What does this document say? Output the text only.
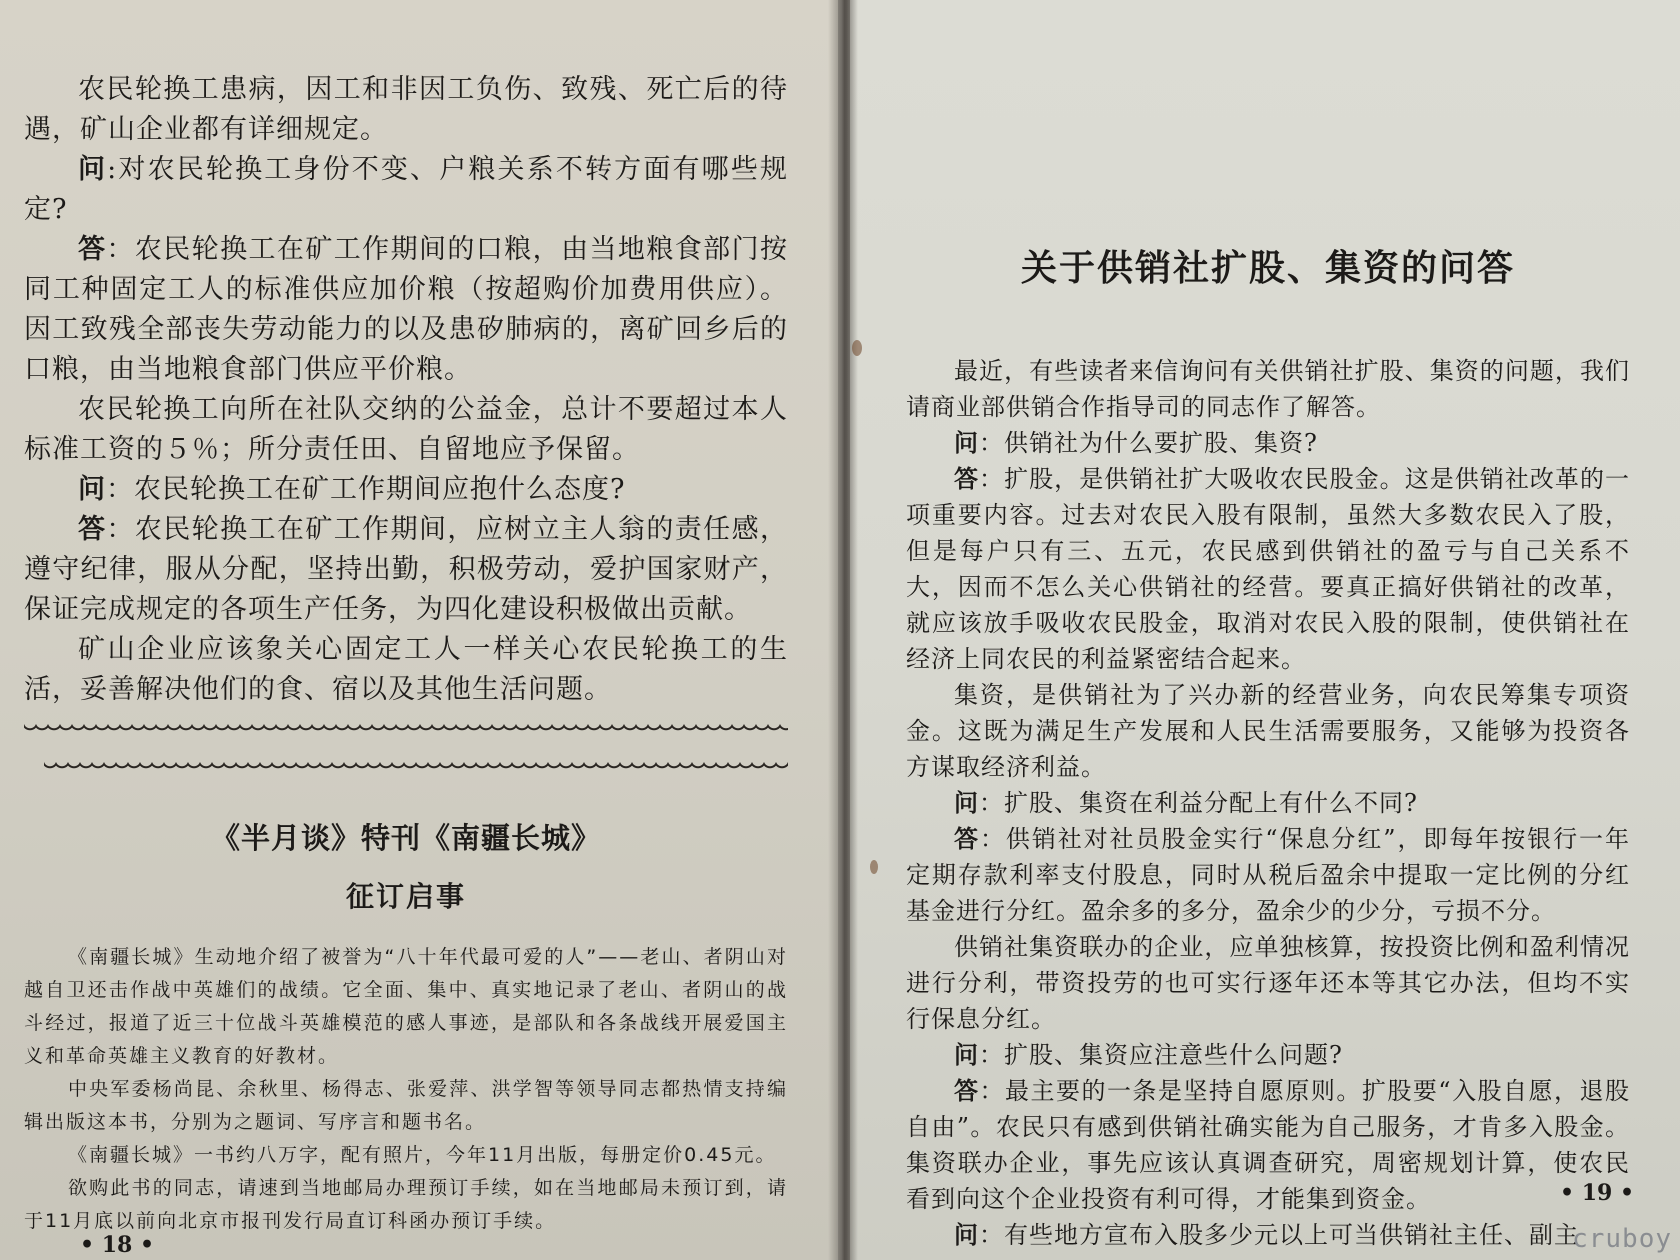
农民轮换工患病，因工和非因工负伤、致残、死亡后的待遇，矿山企业都有详细规定。

问:对农民轮换工身份不变、户粮关系不转方面有哪些规定?

答：农民轮换工在矿工作期间的口粮，由当地粮食部门按同工种固定工人的标准供应加价粮（按超购价加费用供应）。因工致残全部丧失劳动能力的以及患矽肺病的，离矿回乡后的口粮，由当地粮食部门供应平价粮。

农民轮换工向所在社队交纳的公益金，总计不要超过本人标准工资的５％；所分责任田、自留地应予保留。

问：农民轮换工在矿工作期间应抱什么态度?

答：农民轮换工在矿工作期间，应树立主人翁的责任感，遵守纪律，服从分配，坚持出勤，积极劳动，爱护国家财产，保证完成规定的各项生产任务，为四化建设积极做出贡献。

矿山企业应该象关心固定工人一样关心农民轮换工的生活，妥善解决他们的食、宿以及其他生活问题。

《半月谈》特刊《南疆长城》
征订启事

《南疆长城》生动地介绍了被誉为“八十年代最可爱的人”——老山、者阴山对越自卫还击作战中英雄们的战绩。它全面、集中、真实地记录了老山、者阴山的战斗经过，报道了近三十位战斗英雄模范的感人事迹，是部队和各条战线开展爱国主义和革命英雄主义教育的好教材。

中央军委杨尚昆、余秋里、杨得志、张爱萍、洪学智等领导同志都热情支持编辑出版这本书，分别为之题词、写序言和题书名。

《南疆长城》一书约八万字，配有照片，今年11月出版，每册定价0.45元。

欲购此书的同志，请速到当地邮局办理预订手续，如在当地邮局未预订到，请于11月底以前向北京市报刊发行局直订科函办预订手续。

关于供销社扩股、集资的问答

最近，有些读者来信询问有关供销社扩股、集资的问题，我们请商业部供销合作指导司的同志作了解答。

问：供销社为什么要扩股、集资?

答：扩股，是供销社扩大吸收农民股金。这是供销社改革的一项重要内容。过去对农民入股有限制，虽然大多数农民入了股，但是每户只有三、五元，农民感到供销社的盈亏与自己关系不大，因而不怎么关心供销社的经营。要真正搞好供销社的改革，就应该放手吸收农民股金，取消对农民入股的限制，使供销社在经济上同农民的利益紧密结合起来。

集资，是供销社为了兴办新的经营业务，向农民筹集专项资金。这既为满足生产发展和人民生活需要服务，又能够为投资各方谋取经济利益。

问：扩股、集资在利益分配上有什么不同?

答：供销社对社员股金实行“保息分红”，即每年按银行一年定期存款利率支付股息，同时从税后盈余中提取一定比例的分红基金进行分红。盈余多的多分，盈余少的少分，亏损不分。

供销社集资联办的企业，应单独核算，按投资比例和盈利情况进行分利，带资投劳的也可实行逐年还本等其它办法，但均不实行保息分红。

问：扩股、集资应注意些什么问题?

答：最主要的一条是坚持自愿原则。扩股要“入股自愿，退股自由”。农民只有感到供销社确实能为自己服务，才肯多入股金。集资联办企业，事先应该认真调查研究，周密规划计算，使农民看到向这个企业投资有利可得，才能集到资金。

问：有些地方宣布入股多少元以上可当供销社主任、副主

• 18 •
• 19 •
cruboy
